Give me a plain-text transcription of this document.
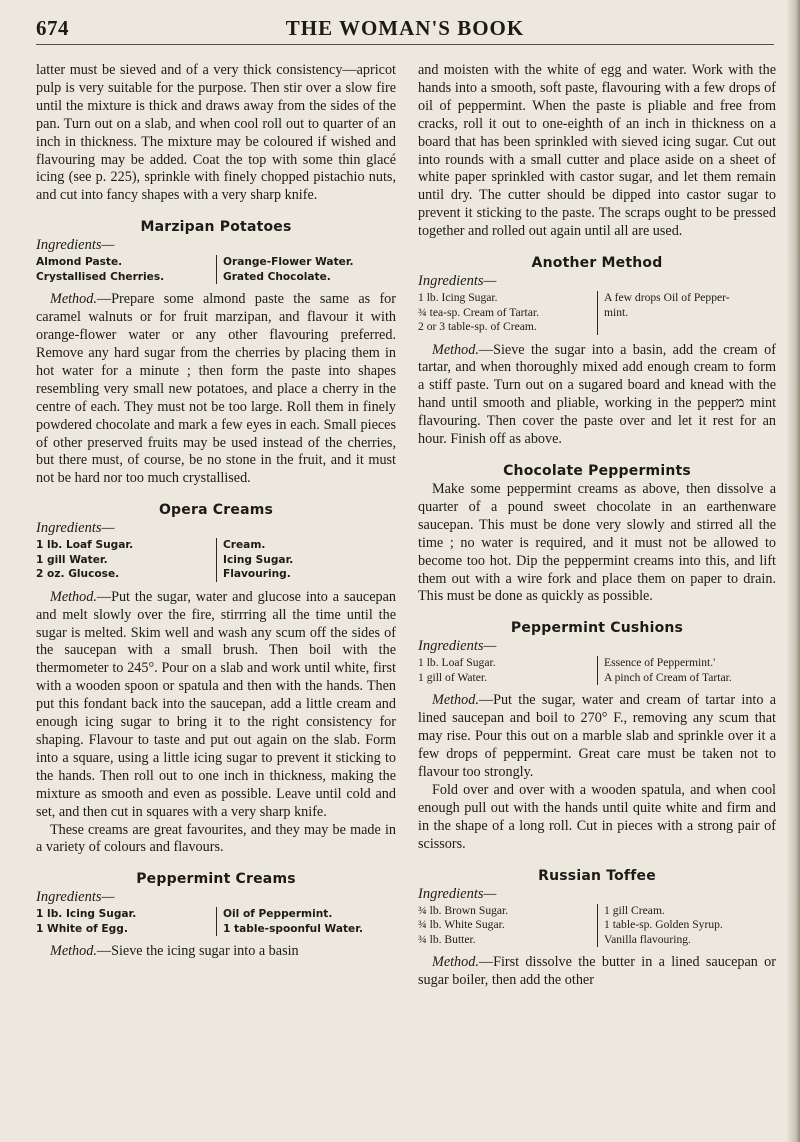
674	THE WOMAN'S BOOK

latter must be sieved and of a very thick consistency—apricot pulp is very suitable for the purpose. Then stir over a slow fire until the mixture is thick and draws away from the sides of the pan. Turn out on a slab, and when cool roll out to quarter of an inch in thickness. The mixture may be coloured if wished and flavouring may be added. Coat the top with some thin glacé icing (see p. 225), sprinkle with finely chopped pistachio nuts, and cut into fancy shapes with a very sharp knife.

Marzipan Potatoes
Ingredients—
Almond Paste.
Crystallised Cherries.
Orange-Flower Water.
Grated Chocolate.

Method.—Prepare some almond paste the same as for caramel walnuts or for fruit marzipan, and flavour it with orange-flower water or any other flavouring preferred. Remove any hard sugar from the cherries by placing them in hot water for a minute ; then form the paste into shapes resembling very small new potatoes, and place a cherry in the centre of each. They must not be too large. Roll them in finely powdered chocolate and mark a few eyes in each. Small pieces of other preserved fruits may be used instead of the cherries, but there must, of course, be no stone in the fruit, and it must not be hard nor too much crystallised.

Opera Creams
Ingredients—
1 lb. Loaf Sugar.
1 gill Water.
2 oz. Glucose.
Cream.
Icing Sugar.
Flavouring.

Method.—Put the sugar, water and glucose into a saucepan and melt slowly over the fire, stirrring all the time until the sugar is melted. Skim well and wash any scum off the sides of the saucepan with a small brush. Then boil with the thermometer to 245°. Pour on a slab and work until white, first with a wooden spoon or spatula and then with the hands. Then put this fondant back into the saucepan, add a little cream and enough icing sugar to bring it to the right consistency for shaping. Flavour to taste and put out again on the slab. Form into a square, using a little icing sugar to prevent it sticking to the hands. Then roll out to one inch in thickness, making the mixture as smooth and even as possible. Leave until cold and set, and then cut in squares with a very sharp knife.

These creams are great favourites, and they may be made in a variety of colours and flavours.

Peppermint Creams
Ingredients—
1 lb. Icing Sugar.
1 White of Egg.
Oil of Peppermint.
1 table-spoonful Water.

Method.—Sieve the icing sugar into a basin

and moisten with the white of egg and water. Work with the hands into a smooth, soft paste, flavouring with a few drops of oil of peppermint. When the paste is pliable and free from cracks, roll it out to one-eighth of an inch in thickness on a board that has been sprinkled with sieved icing sugar. Cut out into rounds with a small cutter and place aside on a sheet of white paper sprinkled with castor sugar, and let them remain until dry. The cutter should be dipped into castor sugar to prevent it sticking to the paste. The scraps ought to be pressed together and rolled out again until all are used.

Another Method
Ingredients—
1 lb. Icing Sugar.
¾ tea-sp. Cream of Tartar.
2 or 3 table-sp. of Cream.
A few drops Oil of Pepper-
mint.

Method.—Sieve the sugar into a basin, add the cream of tartar, and when thoroughly mixed add enough cream to form a stiff paste. Turn out on a sugared board and knead with the hand until smooth and pliable, working in the pepperמ mint flavouring. Then cover the paste over and let it rest for an hour. Finish off as above.

Chocolate Peppermints

Make some peppermint creams as above, then dissolve a quarter of a pound sweet chocolate in an earthenware saucepan. This must be done very slowly and stirred all the time ; no water is required, and it must not be allowed to become too hot. Dip the peppermint creams into this, and lift them out with a wire fork and place them on paper to drain. This must be done as quickly as possible.

Peppermint Cushions
Ingredients—
1 lb. Loaf Sugar.
1 gill of Water.
Essence of Peppermint.'
A pinch of Cream of Tartar.

Method.—Put the sugar, water and cream of tartar into a lined saucepan and boil to 270° F., removing any scum that may rise. Pour this out on a marble slab and sprinkle over it a few drops of peppermint. Great care must be taken not to flavour too strongly.

Fold over and over with a wooden spatula, and when cool enough pull out with the hands until quite white and firm and in the shape of a long roll. Cut in pieces with a strong pair of scissors.

Russian Toffee
Ingredients—
¾ lb. Brown Sugar.
¾ lb. White Sugar.
¾ lb. Butter.
1 gill Cream.
1 table-sp. Golden Syrup.
Vanilla flavouring.

Method.—First dissolve the butter in a lined saucepan or sugar boiler, then add the other
